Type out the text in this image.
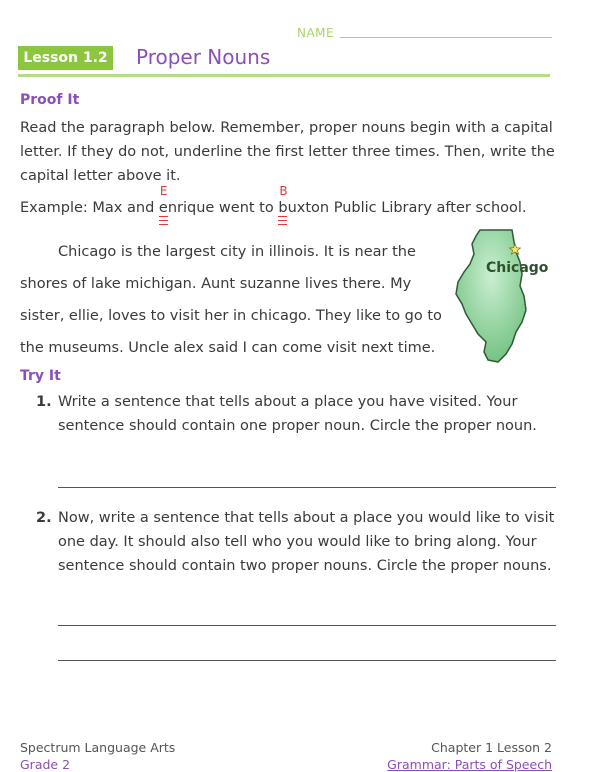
NAME
Lesson 1.2 Proper Nouns
Proof It
Read the paragraph below. Remember, proper nouns begin with a capital letter. If they do not, underline the first letter three times. Then, write the capital letter above it.
Example: Max and
E
e
nrique went to
B
b
uxton Public Library after school.
Chicago is the largest city in illinois. It is near the shores of lake michigan. Aunt suzanne lives there. My sister, ellie, loves to visit her in chicago. They like to go to the museums. Uncle alex said I can come visit next time.
Chicago
Try It
1. Write a sentence that tells about a place you have visited. Your sentence should contain one proper noun. Circle the proper noun.
2. Now, write a sentence that tells about a place you would like to visit one day. It should also tell who you would like to bring along. Your sentence should contain two proper nouns. Circle the proper nouns.
Spectrum Language Arts
Grade 2
Chapter 1 Lesson 2
Grammar: Parts of Speech
